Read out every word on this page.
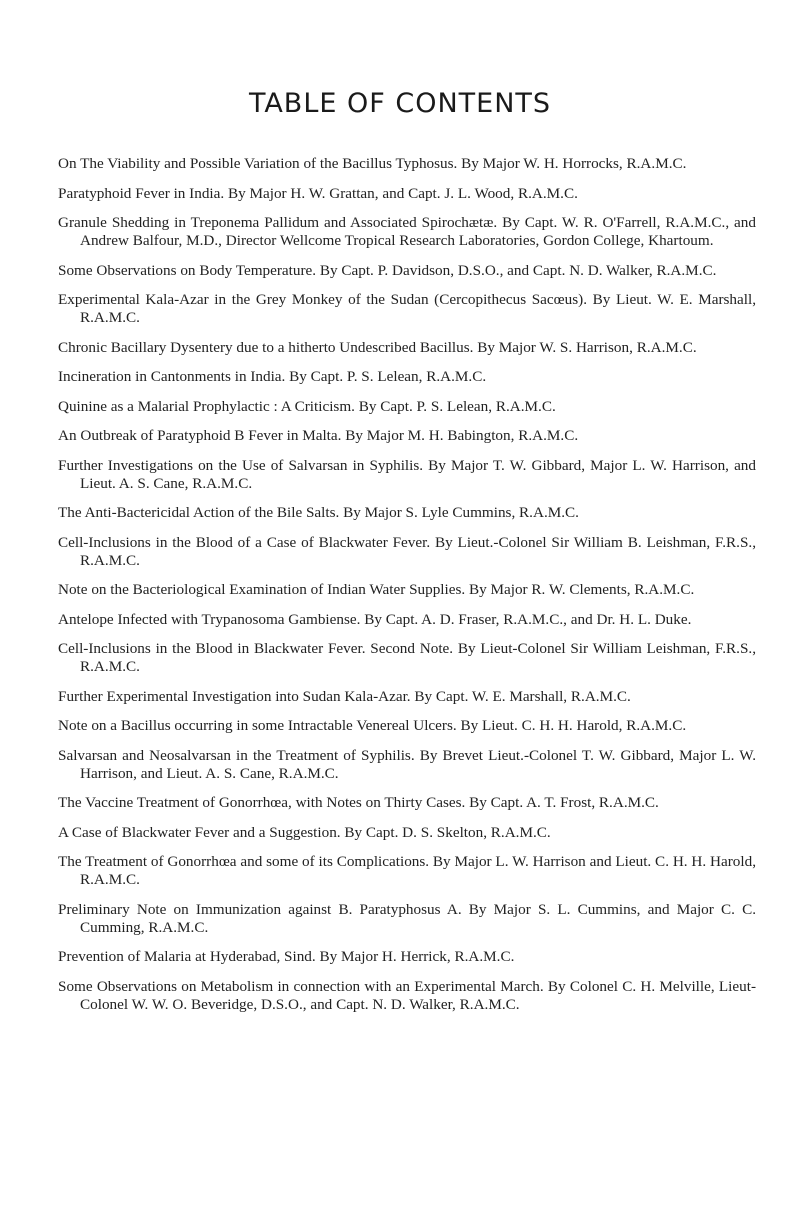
TABLE OF CONTENTS

On The Viability and Possible Variation of the Bacillus Typhosus. By Major W. H. Horrocks, R.A.M.C.

Paratyphoid Fever in India. By Major H. W. Grattan, and Capt. J. L. Wood, R.A.M.C.

Granule Shedding in Treponema Pallidum and Associated Spirochætæ. By Capt. W. R. O'Farrell, R.A.M.C., and Andrew Balfour, M.D., Director Wellcome Tropical Research Laboratories, Gordon College, Khartoum.

Some Observations on Body Temperature. By Capt. P. Davidson, D.S.O., and Capt. N. D. Walker, R.A.M.C.

Experimental Kala-Azar in the Grey Monkey of the Sudan (Cercopithecus Sacœus). By Lieut. W. E. Marshall, R.A.M.C.

Chronic Bacillary Dysentery due to a hitherto Undescribed Bacillus. By Major W. S. Harrison, R.A.M.C.

Incineration in Cantonments in India. By Capt. P. S. Lelean, R.A.M.C.

Quinine as a Malarial Prophylactic : A Criticism. By Capt. P. S. Lelean, R.A.M.C.

An Outbreak of Paratyphoid B Fever in Malta. By Major M. H. Babington, R.A.M.C.

Further Investigations on the Use of Salvarsan in Syphilis. By Major T. W. Gibbard, Major L. W. Harrison, and Lieut. A. S. Cane, R.A.M.C.

The Anti-Bactericidal Action of the Bile Salts. By Major S. Lyle Cummins, R.A.M.C.

Cell-Inclusions in the Blood of a Case of Blackwater Fever. By Lieut.-Colonel Sir William B. Leishman, F.R.S., R.A.M.C.

Note on the Bacteriological Examination of Indian Water Supplies. By Major R. W. Clements, R.A.M.C.

Antelope Infected with Trypanosoma Gambiense. By Capt. A. D. Fraser, R.A.M.C., and Dr. H. L. Duke.

Cell-Inclusions in the Blood in Blackwater Fever. Second Note. By Lieut-Colonel Sir William Leishman, F.R.S., R.A.M.C.

Further Experimental Investigation into Sudan Kala-Azar. By Capt. W. E. Marshall, R.A.M.C.

Note on a Bacillus occurring in some Intractable Venereal Ulcers. By Lieut. C. H. H. Harold, R.A.M.C.

Salvarsan and Neosalvarsan in the Treatment of Syphilis. By Brevet Lieut.-Colonel T. W. Gibbard, Major L. W. Harrison, and Lieut. A. S. Cane, R.A.M.C.

The Vaccine Treatment of Gonorrhœa, with Notes on Thirty Cases. By Capt. A. T. Frost, R.A.M.C.

A Case of Blackwater Fever and a Suggestion. By Capt. D. S. Skelton, R.A.M.C.

The Treatment of Gonorrhœa and some of its Complications. By Major L. W. Harrison and Lieut. C. H. H. Harold, R.A.M.C.

Preliminary Note on Immunization against B. Paratyphosus A. By Major S. L. Cummins, and Major C. C. Cumming, R.A.M.C.

Prevention of Malaria at Hyderabad, Sind. By Major H. Herrick, R.A.M.C.

Some Observations on Metabolism in connection with an Experimental March. By Colonel C. H. Melville, Lieut-Colonel W. W. O. Beveridge, D.S.O., and Capt. N. D. Walker, R.A.M.C.
